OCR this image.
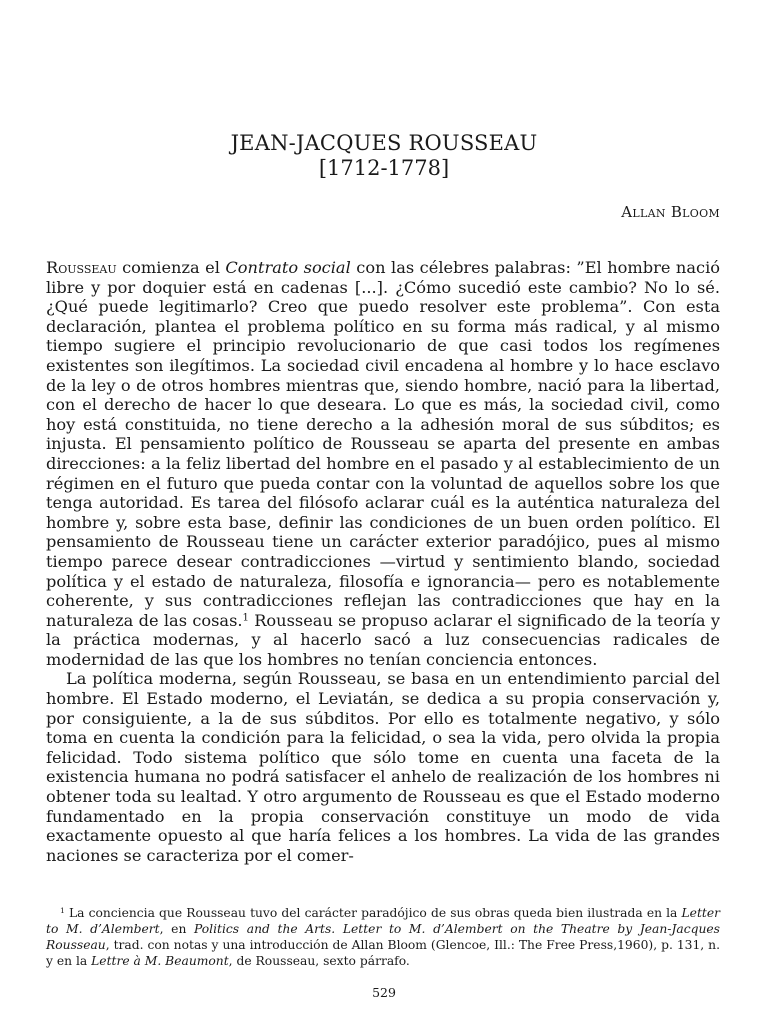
JEAN-JACQUES ROUSSEAU
[1712-1778]
Allan Bloom

Rousseau comienza el Contrato social con las célebres palabras: ”El hombre nació libre y por doquier está en cadenas [...]. ¿Cómo sucedió este cambio? No lo sé. ¿Qué puede legitimarlo? Creo que puedo resolver este problema”. Con esta declaración, plantea el problema político en su forma más radical, y al mismo tiempo sugiere el principio revolucionario de que casi todos los regímenes existentes son ilegítimos. La sociedad civil encadena al hombre y lo hace esclavo de la ley o de otros hombres mientras que, siendo hombre, nació para la libertad, con el derecho de hacer lo que deseara. Lo que es más, la sociedad civil, como hoy está constituida, no tiene derecho a la adhesión moral de sus súbditos; es injusta. El pensamiento político de Rousseau se aparta del presente en ambas direcciones: a la feliz libertad del hombre en el pasado y al establecimiento de un régimen en el futuro que pueda contar con la voluntad de aquellos sobre los que tenga autoridad. Es tarea del filósofo aclarar cuál es la auténtica naturaleza del hombre y, sobre esta base, definir las condiciones de un buen orden político. El pensamiento de Rousseau tiene un carácter exterior paradójico, pues al mismo tiempo parece desear contradicciones —virtud y sentimiento blando, sociedad política y el estado de naturaleza, filosofía e ignorancia— pero es notablemente coherente, y sus contradicciones reflejan las contradicciones que hay en la naturaleza de las cosas.$^1$ Rousseau se propuso aclarar el significado de la teoría y la práctica modernas, y al hacerlo sacó a luz consecuencias radicales de modernidad de las que los hombres no tenían conciencia entonces.

La política moderna, según Rousseau, se basa en un entendimiento parcial del hombre. El Estado moderno, el Leviatán, se dedica a su propia conservación y, por consiguiente, a la de sus súbditos. Por ello es totalmente negativo, y sólo toma en cuenta la condición para la felicidad, o sea la vida, pero olvida la propia felicidad. Todo sistema político que sólo tome en cuenta una faceta de la existencia humana no podrá satisfacer el anhelo de realización de los hombres ni obtener toda su lealtad. Y otro argumento de Rousseau es que el Estado moderno fundamentado en la propia conservación constituye un modo de vida exactamente opuesto al que haría felices a los hombres. La vida de las grandes naciones se caracteriza por el comer-

$^1$ La conciencia que Rousseau tuvo del carácter paradójico de sus obras queda bien ilustrada en la Letter to M. d’Alembert, en Politics and the Arts. Letter to M. d’Alembert on the Theatre by Jean-Jacques Rousseau, trad. con notas y una introducción de Allan Bloom (Glencoe, Ill.: The Free Press,1960), p. 131, n. y en la Lettre à M. Beaumont, de Rousseau, sexto párrafo.
529
